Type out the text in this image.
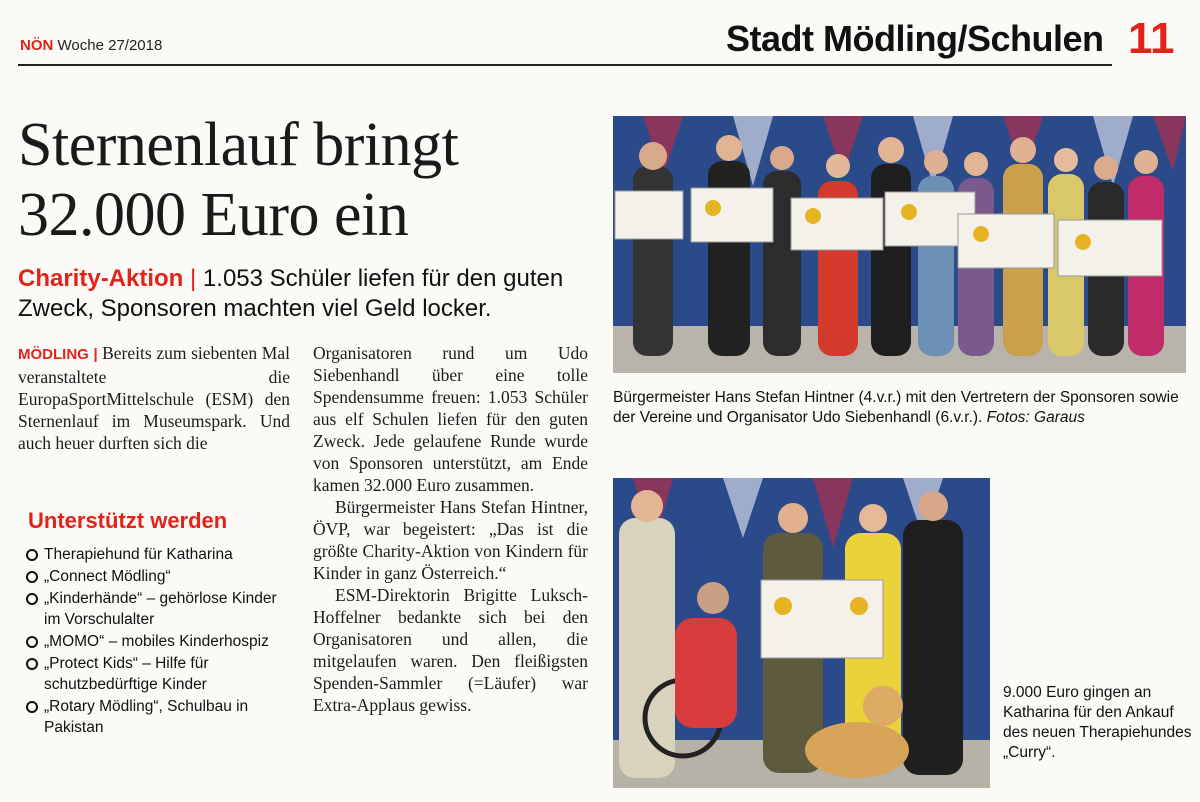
NÖN Woche 27/2018	Stadt Mödling/Schulen 11
Sternenlauf bringt
32.000 Euro ein
Charity-Aktion | 1.053 Schüler liefen für den guten Zweck, Sponsoren machten viel Geld locker.
MÖDLING | Bereits zum siebenten Mal veranstaltete die EuropaSportMittelschule (ESM) den Sternenlauf im Museumspark. Und auch heuer durften sich die
Unterstützt werden
Therapiehund für Katharina
„Connect Mödling“
„Kinderhände“ – gehörlose Kinder im Vorschulalter
„MOMO“ – mobiles Kinderhospiz
„Protect Kids“ – Hilfe für schutzbedürftige Kinder
„Rotary Mödling“, Schulbau in Pakistan
Organisatoren rund um Udo Siebenhandl über eine tolle Spendensumme freuen: 1.053 Schüler aus elf Schulen liefen für den guten Zweck. Jede gelaufene Runde wurde von Sponsoren unterstützt, am Ende kamen 32.000 Euro zusammen.
Bürgermeister Hans Stefan Hintner, ÖVP, war begeistert: „Das ist die größte Charity-Aktion von Kindern für Kinder in ganz Österreich.“
ESM-Direktorin Brigitte Luksch-Hoffelner bedankte sich bei den Organisatoren und allen, die mitgelaufen waren. Den fleißigsten Spenden-Sammler (=Läufer) war Extra-Applaus gewiss.
Bürgermeister Hans Stefan Hintner (4.v.r.) mit den Vertretern der Sponsoren sowie der Vereine und Organisator Udo Siebenhandl (6.v.r.). Fotos: Garaus
9.000 Euro gingen an Katharina für den Ankauf des neuen Therapiehundes „Curry“.
